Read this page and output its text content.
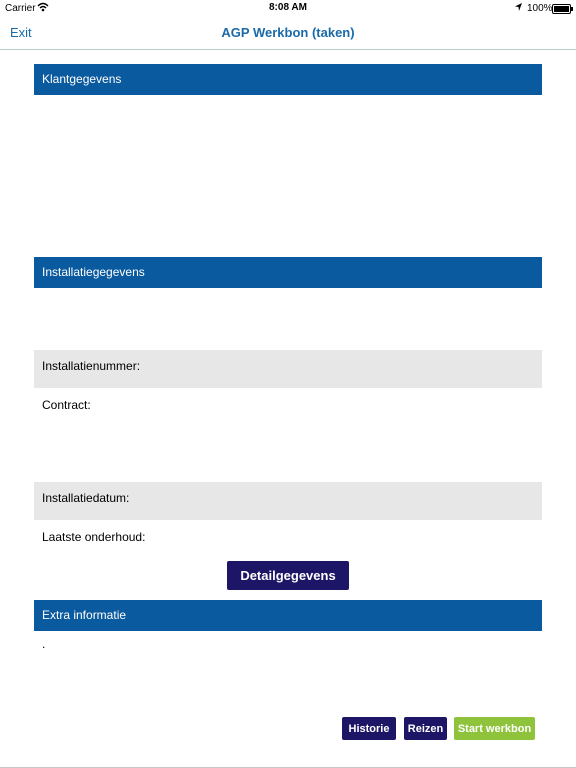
Carrier	8:08 AM	100%
Exit	AGP Werkbon (taken)
Klantgegevens
Installatiegegevens
Installatienummer:
Contract:
Installatiedatum:
Laatste onderhoud:
Detailgegevens
Extra informatie
.
Historie	Reizen	Start werkbon
